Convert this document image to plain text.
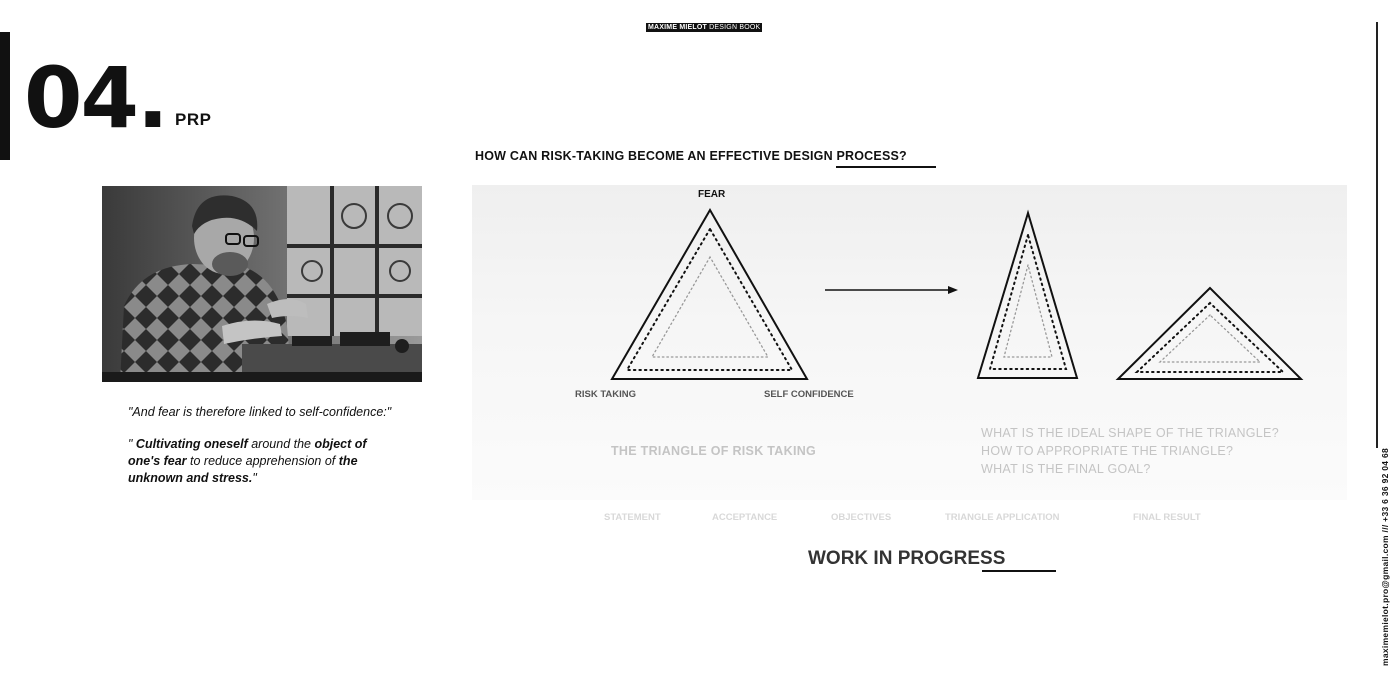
MAXIME MIELOT DESIGN BOOK
04. PRP
HOW CAN RISK-TAKING BECOME AN EFFECTIVE DESIGN PROCESS?
"And fear is therefore linked to self-confidence:"
" Cultivating oneself around the object of one's fear to reduce apprehension of the unknown and stress."
FEAR
RISK TAKING	SELF CONFIDENCE
THE TRIANGLE OF RISK TAKING
WHAT IS THE IDEAL SHAPE OF THE TRIANGLE?
HOW TO APPROPRIATE THE TRIANGLE?
WHAT IS THE FINAL GOAL?
STATEMENT	ACCEPTANCE	OBJECTIVES	TRIANGLE APPLICATION	FINAL RESULT
WORK IN PROGRESS	maximemielot.pro@gmail.com /// +33 6 36 92 04 68
